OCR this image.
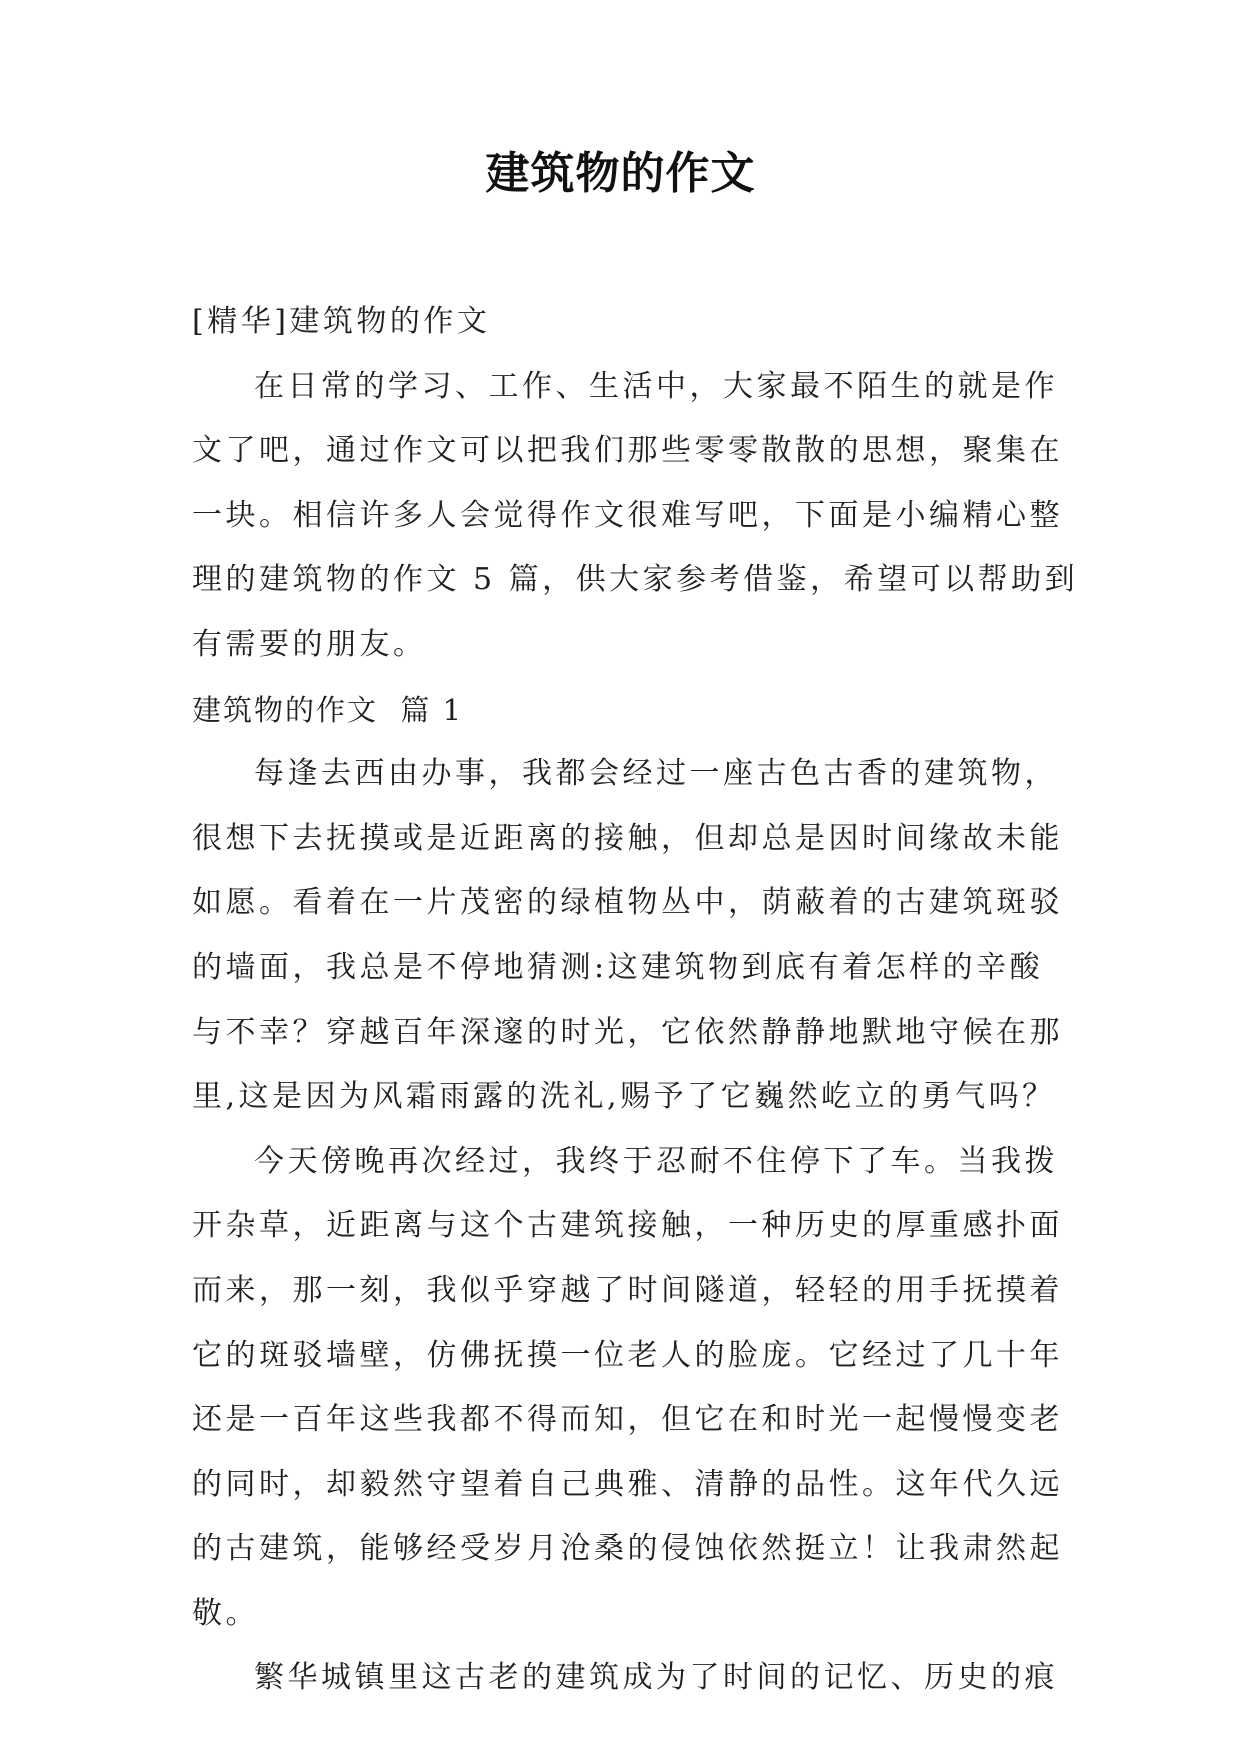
建筑物的作文
[精华]建筑物的作文
在日常的学习、工作、生活中，大家最不陌生的就是作
文了吧，通过作文可以把我们那些零零散散的思想，聚集在
一块。相信许多人会觉得作文很难写吧，下面是小编精心整
理的建筑物的作文 5 篇，供大家参考借鉴，希望可以帮助到
有需要的朋友。
建筑物的作文  篇 1
每逢去西由办事，我都会经过一座古色古香的建筑物，
很想下去抚摸或是近距离的接触，但却总是因时间缘故未能
如愿。看着在一片茂密的绿植物丛中，荫蔽着的古建筑斑驳
的墙面，我总是不停地猜测:这建筑物到底有着怎样的辛酸
与不幸？穿越百年深邃的时光，它依然静静地默地守候在那
里,这是因为风霜雨露的洗礼,赐予了它巍然屹立的勇气吗？
今天傍晚再次经过，我终于忍耐不住停下了车。当我拨
开杂草，近距离与这个古建筑接触，一种历史的厚重感扑面
而来，那一刻，我似乎穿越了时间隧道，轻轻的用手抚摸着
它的斑驳墙壁，仿佛抚摸一位老人的脸庞。它经过了几十年
还是一百年这些我都不得而知，但它在和时光一起慢慢变老
的同时，却毅然守望着自己典雅、清静的品性。这年代久远
的古建筑，能够经受岁月沧桑的侵蚀依然挺立！让我肃然起
敬。
繁华城镇里这古老的建筑成为了时间的记忆、历史的痕
